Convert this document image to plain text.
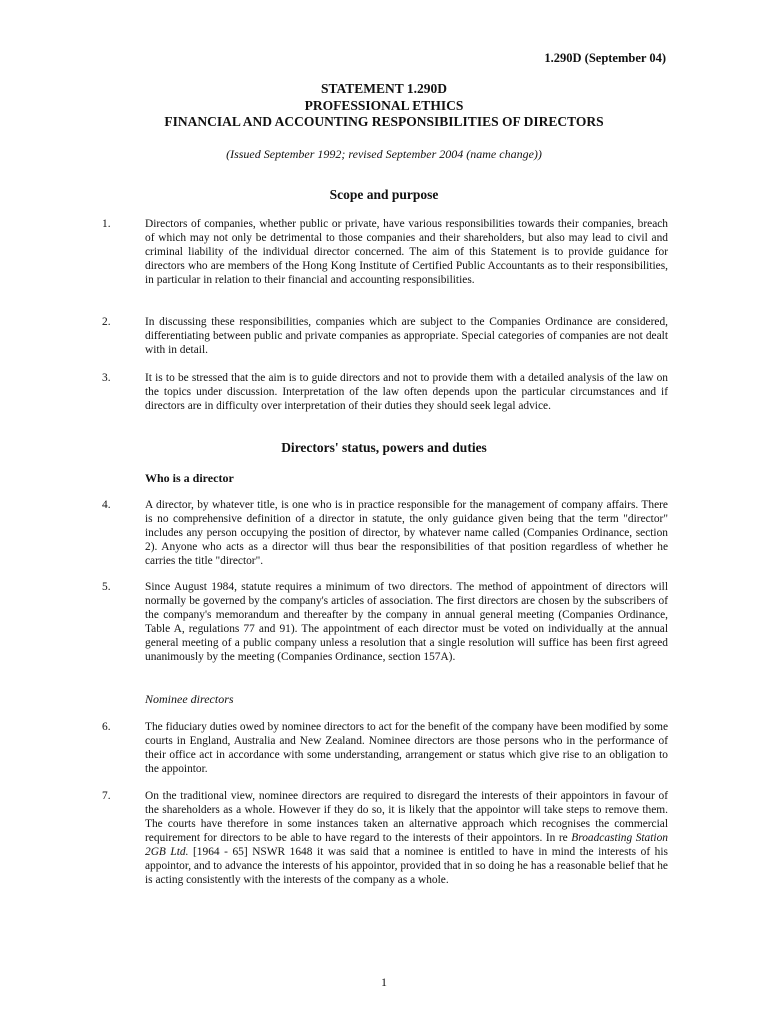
1.290D (September 04)
STATEMENT 1.290D
PROFESSIONAL ETHICS
FINANCIAL AND ACCOUNTING RESPONSIBILITIES OF DIRECTORS
(Issued September 1992; revised September 2004 (name change))
Scope and purpose
1.	Directors of companies, whether public or private, have various responsibilities towards their companies, breach of which may not only be detrimental to those companies and their shareholders, but also may lead to civil and criminal liability of the individual director concerned. The aim of this Statement is to provide guidance for directors who are members of the Hong Kong Institute of Certified Public Accountants as to their responsibilities, in particular in relation to their financial and accounting responsibilities.
2.	In discussing these responsibilities, companies which are subject to the Companies Ordinance are considered, differentiating between public and private companies as appropriate. Special categories of companies are not dealt with in detail.
3.	It is to be stressed that the aim is to guide directors and not to provide them with a detailed analysis of the law on the topics under discussion. Interpretation of the law often depends upon the particular circumstances and if directors are in difficulty over interpretation of their duties they should seek legal advice.
Directors' status, powers and duties
Who is a director
4.	A director, by whatever title, is one who is in practice responsible for the management of company affairs. There is no comprehensive definition of a director in statute, the only guidance given being that the term "director" includes any person occupying the position of director, by whatever name called (Companies Ordinance, section 2). Anyone who acts as a director will thus bear the responsibilities of that position regardless of whether he carries the title "director".
5.	Since August 1984, statute requires a minimum of two directors. The method of appointment of directors will normally be governed by the company's articles of association. The first directors are chosen by the subscribers of the company's memorandum and thereafter by the company in annual general meeting (Companies Ordinance, Table A, regulations 77 and 91). The appointment of each director must be voted on individually at the annual general meeting of a public company unless a resolution that a single resolution will suffice has been first agreed unanimously by the meeting (Companies Ordinance, section 157A).
Nominee directors
6.	The fiduciary duties owed by nominee directors to act for the benefit of the company have been modified by some courts in England, Australia and New Zealand. Nominee directors are those persons who in the performance of their office act in accordance with some understanding, arrangement or status which give rise to an obligation to the appointor.
7.	On the traditional view, nominee directors are required to disregard the interests of their appointors in favour of the shareholders as a whole. However if they do so, it is likely that the appointor will take steps to remove them. The courts have therefore in some instances taken an alternative approach which recognises the commercial requirement for directors to be able to have regard to the interests of their appointors. In re Broadcasting Station 2GB Ltd. [1964 - 65] NSWR 1648 it was said that a nominee is entitled to have in mind the interests of his appointor, and to advance the interests of his appointor, provided that in so doing he has a reasonable belief that he is acting consistently with the interests of the company as a whole.
1
